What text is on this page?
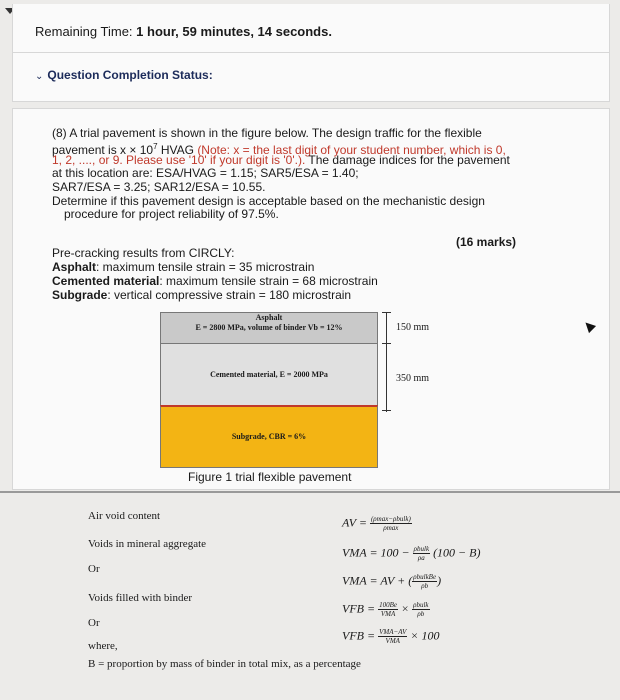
Remaining Time: 1 hour, 59 minutes, 14 seconds.
⌄ Question Completion Status:
(8) A trial pavement is shown in the figure below. The design traffic for the flexible
pavement is $x \times 10^7$ HVAG (Note: x = the last digit of your student number, which is 0,
1, 2, ...., or 9. Please use '10' if your digit is '0'.). The damage indices for the pavement
at this location are: ESA/HVAG = 1.15; SAR5/ESA = 1.40;
SAR7/ESA = 3.25; SAR12/ESA = 10.55.
Determine if this pavement design is acceptable based on the mechanistic design
procedure for project reliability of 97.5%.
(16 marks)
Pre-cracking results from CIRCLY:
Asphalt: maximum tensile strain = 35 microstrain
Cemented material: maximum tensile strain = 68 microstrain
Subgrade: vertical compressive strain = 180 microstrain
Asphalt
E = 2800 MPa, volume of binder Vb = 12%
Cemented material, E = 2000 MPa
Subgrade, CBR = 6%
150 mm
350 mm
Figure 1 trial flexible pavement
Air void content
Voids in mineral aggregate
Or
Voids filled with binder
Or
where,
B = proportion by mass of binder in total mix, as a percentage
AV = $\frac{\text{(ρmax−ρbulk)}}{\rho\max}$
VMA = $100 - \frac{\text{ρbulk}}{\rho a} (100 - B)$
VMA = AV + ( $\frac{\text{ρbulkBe}}{\rho b}$ )
VFB = $\frac{100Be}{\text{VMA}} \times \frac{\text{ρbulk}}{\rho b}$
VFB = $\frac{\text{VMA−AV}}{\text{VMA}} \times 100$
